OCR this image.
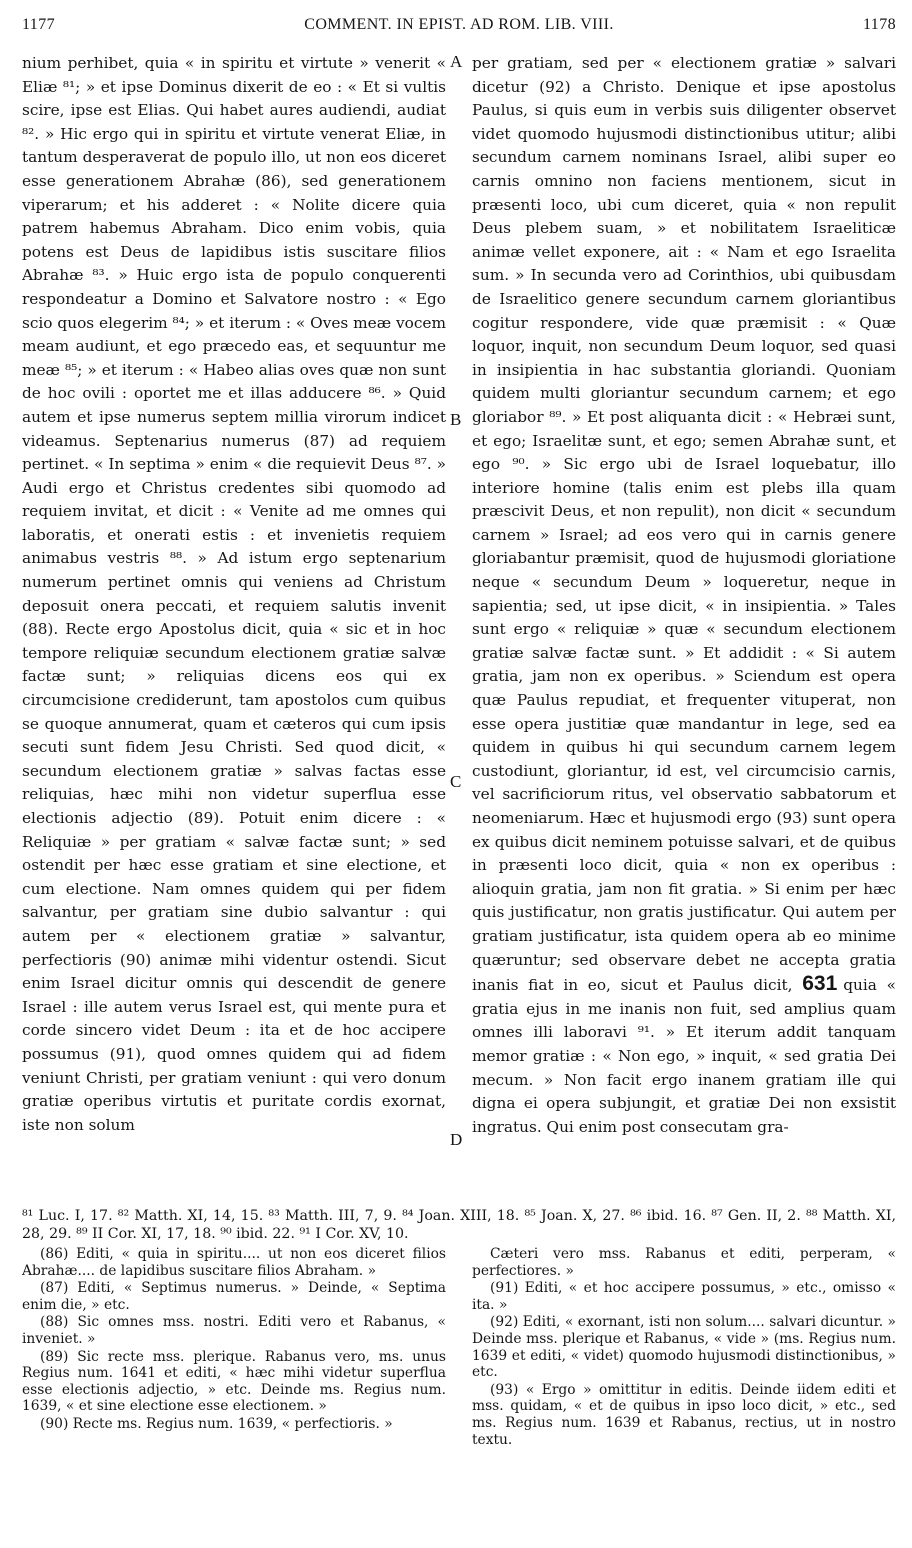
1177	COMMENT. IN EPIST. AD ROM. LIB. VIII.	1178

nium perhibet, quia « in spiritu et virtute » venerit « Eliæ ⁸¹; » et ipse Dominus dixerit de eo : « Et si vultis scire, ipse est Elias. Qui habet aures audiendi, audiat ⁸². » Hic ergo qui in spiritu et virtute venerat Eliæ, in tantum desperaverat de populo illo, ut non eos diceret esse generationem Abrahæ (86), sed generationem viperarum; et his adderet : « Nolite dicere quia patrem habemus Abraham. Dico enim vobis, quia potens est Deus de lapidibus istis suscitare filios Abrahæ ⁸³. » Huic ergo ista de populo conquerenti respondeatur a Domino et Salvatore nostro : « Ego scio quos elegerim ⁸⁴; » et iterum : « Oves meæ vocem meam audiunt, et ego præcedo eas, et sequuntur me meæ ⁸⁵; » et iterum : « Habeo alias oves quæ non sunt de hoc ovili : oportet me et illas adducere ⁸⁶. » Quid autem et ipse numerus septem millia virorum indicet videamus. Septenarius numerus (87) ad requiem pertinet. « In septima » enim « die requievit Deus ⁸⁷. » Audi ergo et Christus credentes sibi quomodo ad requiem invitat, et dicit : « Venite ad me omnes qui laboratis, et onerati estis : et invenietis requiem animabus vestris ⁸⁸. » Ad istum ergo septenarium numerum pertinet omnis qui veniens ad Christum deposuit onera peccati, et requiem salutis invenit (88). Recte ergo Apostolus dicit, quia « sic et in hoc tempore reliquiæ secundum electionem gratiæ salvæ factæ sunt; » reliquias dicens eos qui ex circumcisione crediderunt, tam apostolos cum quibus se quoque annumerat, quam et cæteros qui cum ipsis secuti sunt fidem Jesu Christi. Sed quod dicit, « secundum electionem gratiæ » salvas factas esse reliquias, hæc mihi non videtur superflua esse electionis adjectio (89). Potuit enim dicere : « Reliquiæ » per gratiam « salvæ factæ sunt; » sed ostendit per hæc esse gratiam et sine electione, et cum electione. Nam omnes quidem qui per fidem salvantur, per gratiam sine dubio salvantur : qui autem per « electionem gratiæ » salvantur, perfectioris (90) animæ mihi videntur ostendi. Sicut enim Israel dicitur omnis qui descendit de genere Israel : ille autem verus Israel est, qui mente pura et corde sincero videt Deum : ita et de hoc accipere possumus (91), quod omnes quidem qui ad fidem veniunt Christi, per gratiam veniunt : qui vero donum gratiæ operibus virtutis et puritate cordis exornat, iste non solum

A
B
C
D

per gratiam, sed per « electionem gratiæ » salvari dicetur (92) a Christo. Denique et ipse apostolus Paulus, si quis eum in verbis suis diligenter observet videt quomodo hujusmodi distinctionibus utitur; alibi secundum carnem nominans Israel, alibi super eo carnis omnino non faciens mentionem, sicut in præsenti loco, ubi cum diceret, quia « non repulit Deus plebem suam, » et nobilitatem Israeliticæ animæ vellet exponere, ait : « Nam et ego Israelita sum. » In secunda vero ad Corinthios, ubi quibusdam de Israelitico genere secundum carnem gloriantibus cogitur respondere, vide quæ præmisit : « Quæ loquor, inquit, non secundum Deum loquor, sed quasi in insipientia in hac substantia gloriandi. Quoniam quidem multi gloriantur secundum carnem; et ego gloriabor ⁸⁹. » Et post aliquanta dicit : « Hebræi sunt, et ego; Israelitæ sunt, et ego; semen Abrahæ sunt, et ego ⁹⁰. » Sic ergo ubi de Israel loquebatur, illo interiore homine (talis enim est plebs illa quam præscivit Deus, et non repulit), non dicit « secundum carnem » Israel; ad eos vero qui in carnis genere gloriabantur præmisit, quod de hujusmodi gloriatione neque « secundum Deum » loqueretur, neque in sapientia; sed, ut ipse dicit, « in insipientia. » Tales sunt ergo « reliquiæ » quæ « secundum electionem gratiæ salvæ factæ sunt. » Et addidit : « Si autem gratia, jam non ex operibus. » Sciendum est opera quæ Paulus repudiat, et frequenter vituperat, non esse opera justitiæ quæ mandantur in lege, sed ea quidem in quibus hi qui secundum carnem legem custodiunt, gloriantur, id est, vel circumcisio carnis, vel sacrificiorum ritus, vel observatio sabbatorum et neomeniarum. Hæc et hujusmodi ergo (93) sunt opera ex quibus dicit neminem potuisse salvari, et de quibus in præsenti loco dicit, quia « non ex operibus : alioquin gratia, jam non fit gratia. » Si enim per hæc quis justificatur, non gratis justificatur. Qui autem per gratiam justificatur, ista quidem opera ab eo minime quæruntur; sed observare debet ne accepta gratia inanis fiat in eo, sicut et Paulus dicit, 631 quia « gratia ejus in me inanis non fuit, sed amplius quam omnes illi laboravi ⁹¹. » Et iterum addit tanquam memor gratiæ : « Non ego, » inquit, « sed gratia Dei mecum. » Non facit ergo inanem gratiam ille qui digna ei opera subjungit, et gratiæ Dei non exsistit ingratus. Qui enim post consecutam gra-

⁸¹ Luc. I, 17. ⁸² Matth. XI, 14, 15. ⁸³ Matth. III, 7, 9. ⁸⁴ Joan. XIII, 18. ⁸⁵ Joan. X, 27. ⁸⁶ ibid. 16. ⁸⁷ Gen. II, 2. ⁸⁸ Matth. XI, 28, 29. ⁸⁹ II Cor. XI, 17, 18. ⁹⁰ ibid. 22. ⁹¹ I Cor. XV, 10.

(86) Editi, « quia in spiritu.... ut non eos diceret filios Abrahæ.... de lapidibus suscitare filios Abraham. »

(87) Editi, « Septimus numerus. » Deinde, « Septima enim die, » etc.

(88) Sic omnes mss. nostri. Editi vero et Rabanus, « inveniet. »

(89) Sic recte mss. plerique. Rabanus vero, ms. unus Regius num. 1641 et editi, « hæc mihi videtur superflua esse electionis adjectio, » etc. Deinde ms. Regius num. 1639, « et sine electione esse electionem. »

(90) Recte ms. Regius num. 1639, « perfectioris. »

Cæteri vero mss. Rabanus et editi, perperam, « perfectiores. »

(91) Editi, « et hoc accipere possumus, » etc., omisso « ita. »

(92) Editi, « exornant, isti non solum.... salvari dicuntur. » Deinde mss. plerique et Rabanus, « vide » (ms. Regius num. 1639 et editi, « videt) quomodo hujusmodi distinctionibus, » etc.

(93) « Ergo » omittitur in editis. Deinde iidem editi et mss. quidam, « et de quibus in ipso loco dicit, » etc., sed ms. Regius num. 1639 et Rabanus, rectius, ut in nostro textu.
